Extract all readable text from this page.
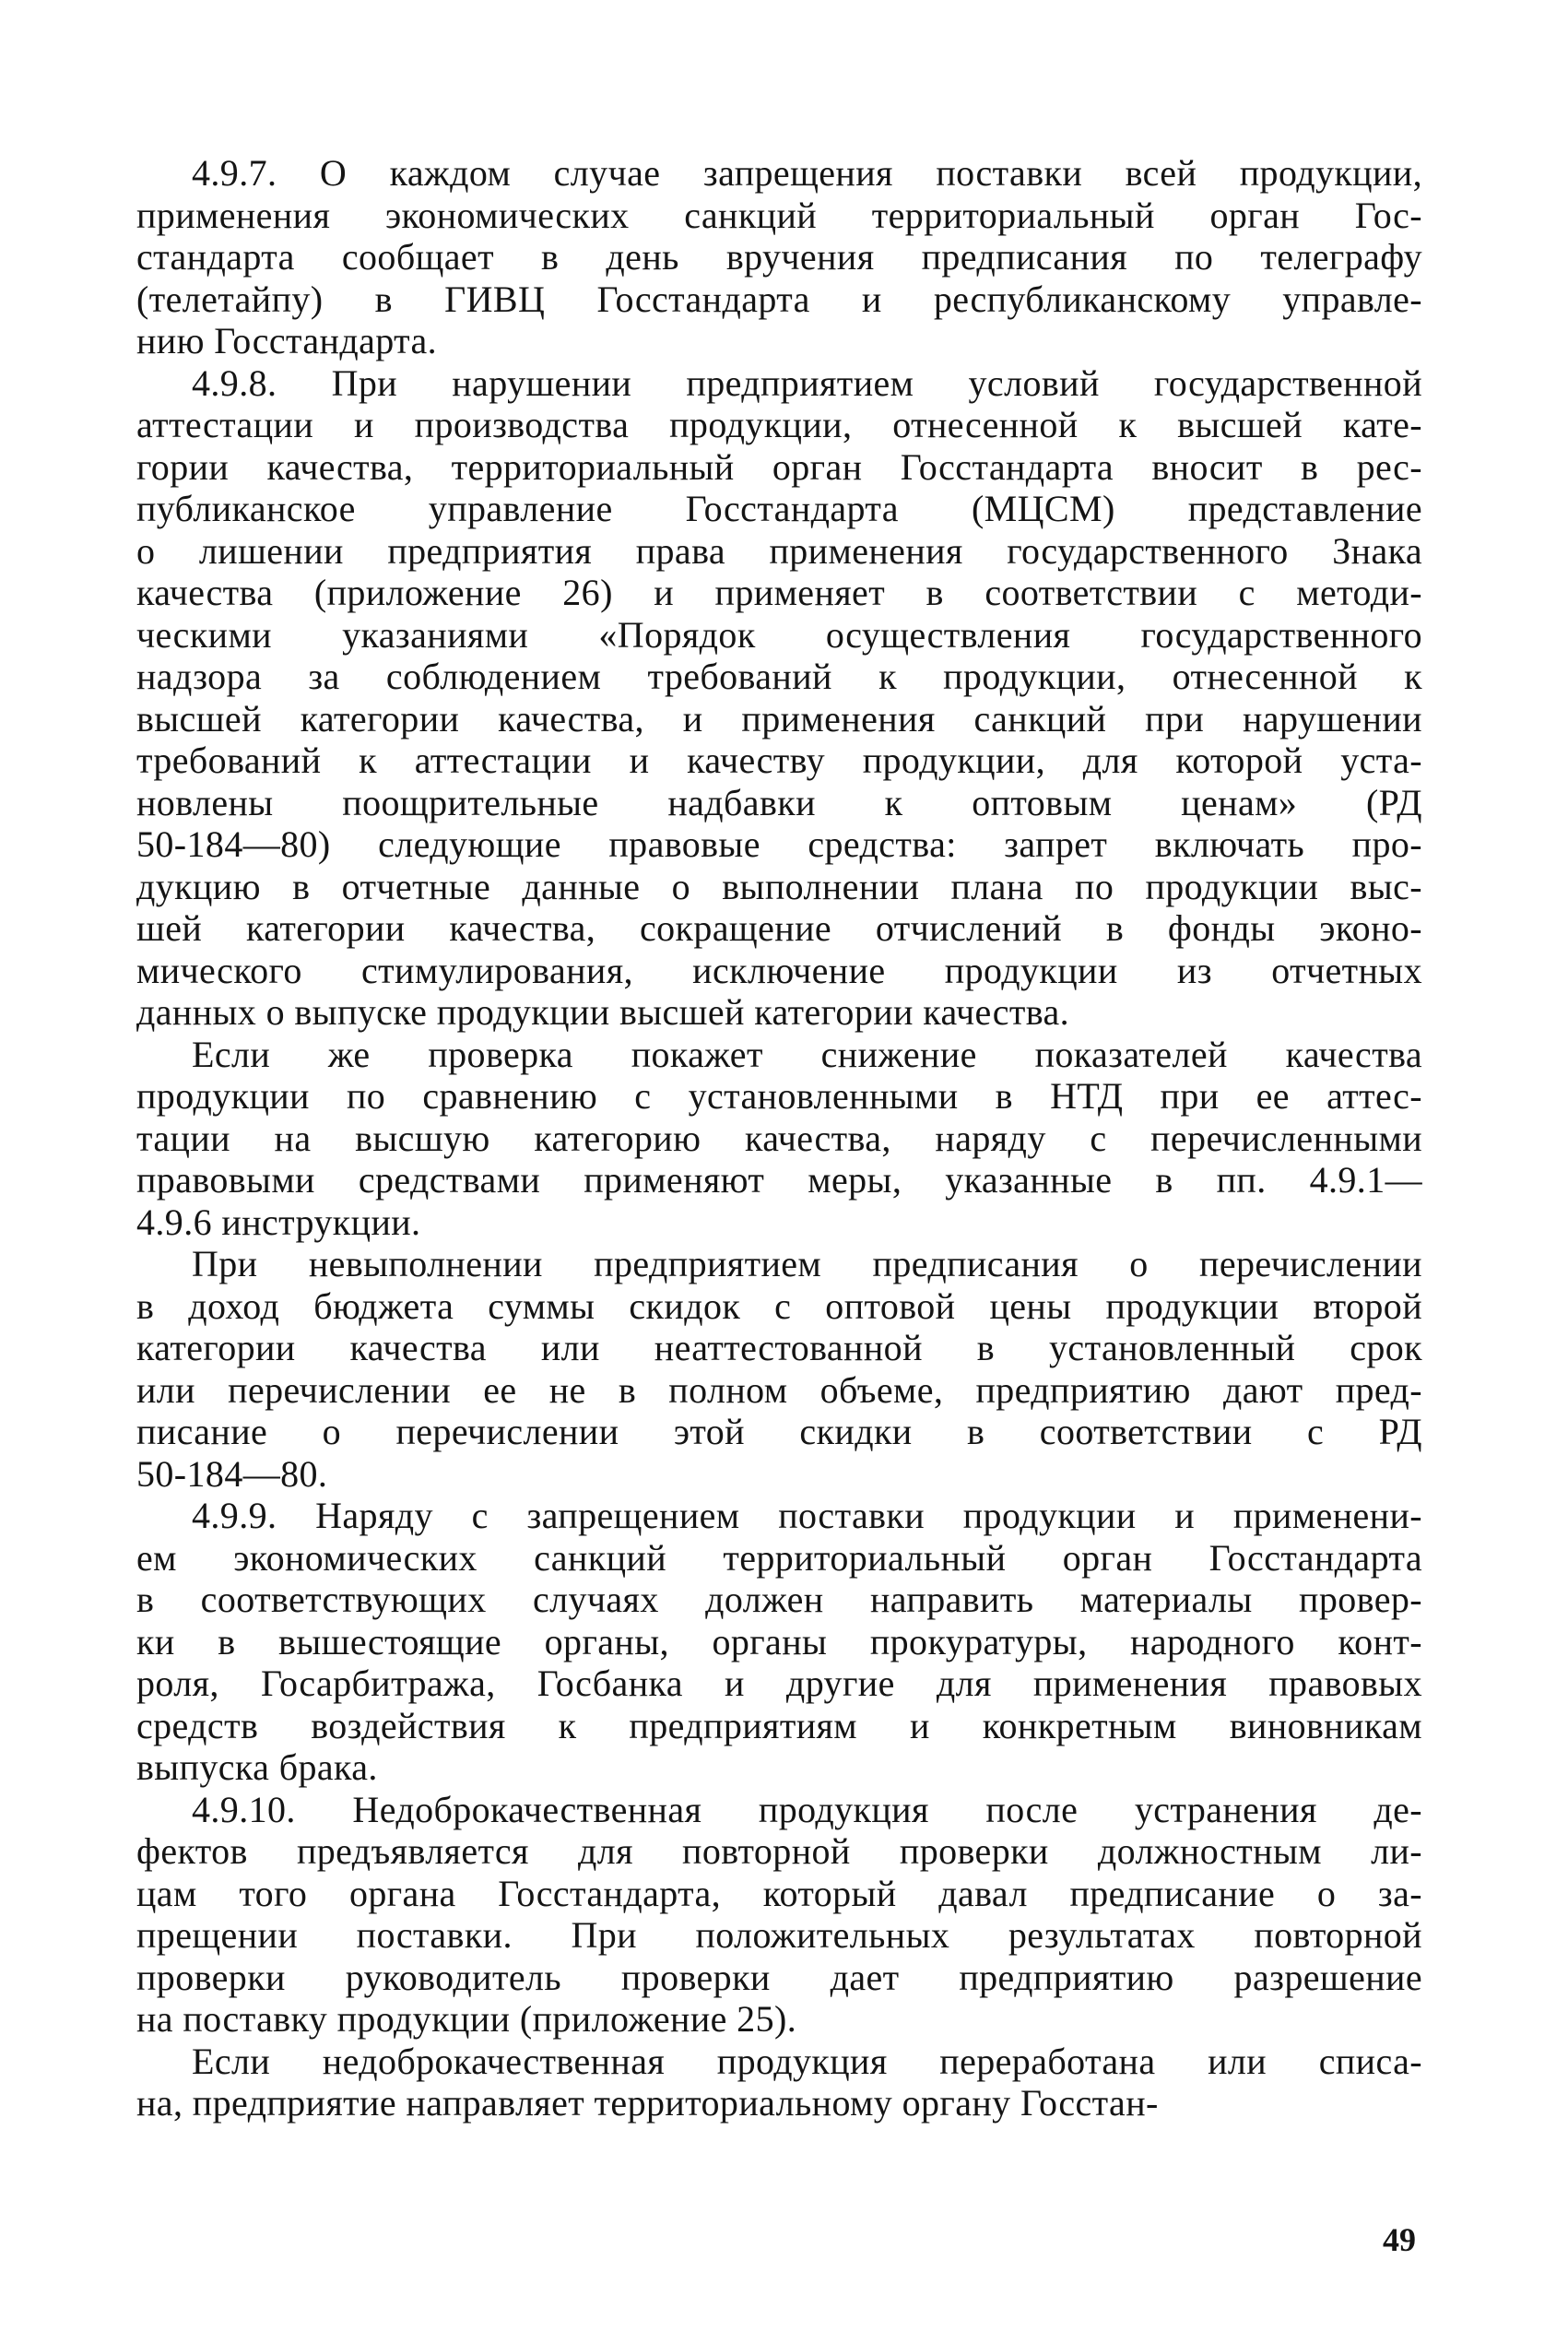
4.9.7. О каждом случае запрещения поставки всей продукции,
применения экономических санкций территориальный орган Гос-
стандарта сообщает в день вручения предписания по телеграфу
(телетайпу) в ГИВЦ Госстандарта и республиканскому управле-
нию Госстандарта.
4.9.8. При нарушении предприятием условий государственной
аттестации и производства продукции, отнесенной к высшей кате-
гории качества, территориальный орган Госстандарта вносит в рес-
публиканское управление Госстандарта (МЦСМ) представление
о лишении предприятия права применения государственного Знака
качества (приложение 26) и применяет в соответствии с методи-
ческими указаниями «Порядок осуществления государственного
надзора за соблюдением требований к продукции, отнесенной к
высшей категории качества, и применения санкций при нарушении
требований к аттестации и качеству продукции, для которой уста-
новлены поощрительные надбавки к оптовым ценам» (РД
50-184—80) следующие правовые средства: запрет включать про-
дукцию в отчетные данные о выполнении плана по продукции выс-
шей категории качества, сокращение отчислений в фонды эконо-
мического стимулирования, исключение продукции из отчетных
данных о выпуске продукции высшей категории качества.
Если же проверка покажет снижение показателей качества
продукции по сравнению с установленными в НТД при ее аттес-
тации на высшую категорию качества, наряду с перечисленными
правовыми средствами применяют меры, указанные в пп. 4.9.1—
4.9.6 инструкции.
При невыполнении предприятием предписания о перечислении
в доход бюджета суммы скидок с оптовой цены продукции второй
категории качества или неаттестованной в установленный срок
или перечислении ее не в полном объеме, предприятию дают пред-
писание о перечислении этой скидки в соответствии с РД
50-184—80.
4.9.9. Наряду с запрещением поставки продукции и применени-
ем экономических санкций территориальный орган Госстандарта
в соответствующих случаях должен направить материалы провер-
ки в вышестоящие органы, органы прокуратуры, народного конт-
роля, Госарбитража, Госбанка и другие для применения правовых
средств воздействия к предприятиям и конкретным виновникам
выпуска брака.
4.9.10. Недоброкачественная продукция после устранения де-
фектов предъявляется для повторной проверки должностным ли-
цам того органа Госстандарта, который давал предписание о за-
прещении поставки. При положительных результатах повторной
проверки руководитель проверки дает предприятию разрешение
на поставку продукции (приложение 25).
Если недоброкачественная продукция переработана или списа-
на, предприятие направляет территориальному органу Госстан-
49
